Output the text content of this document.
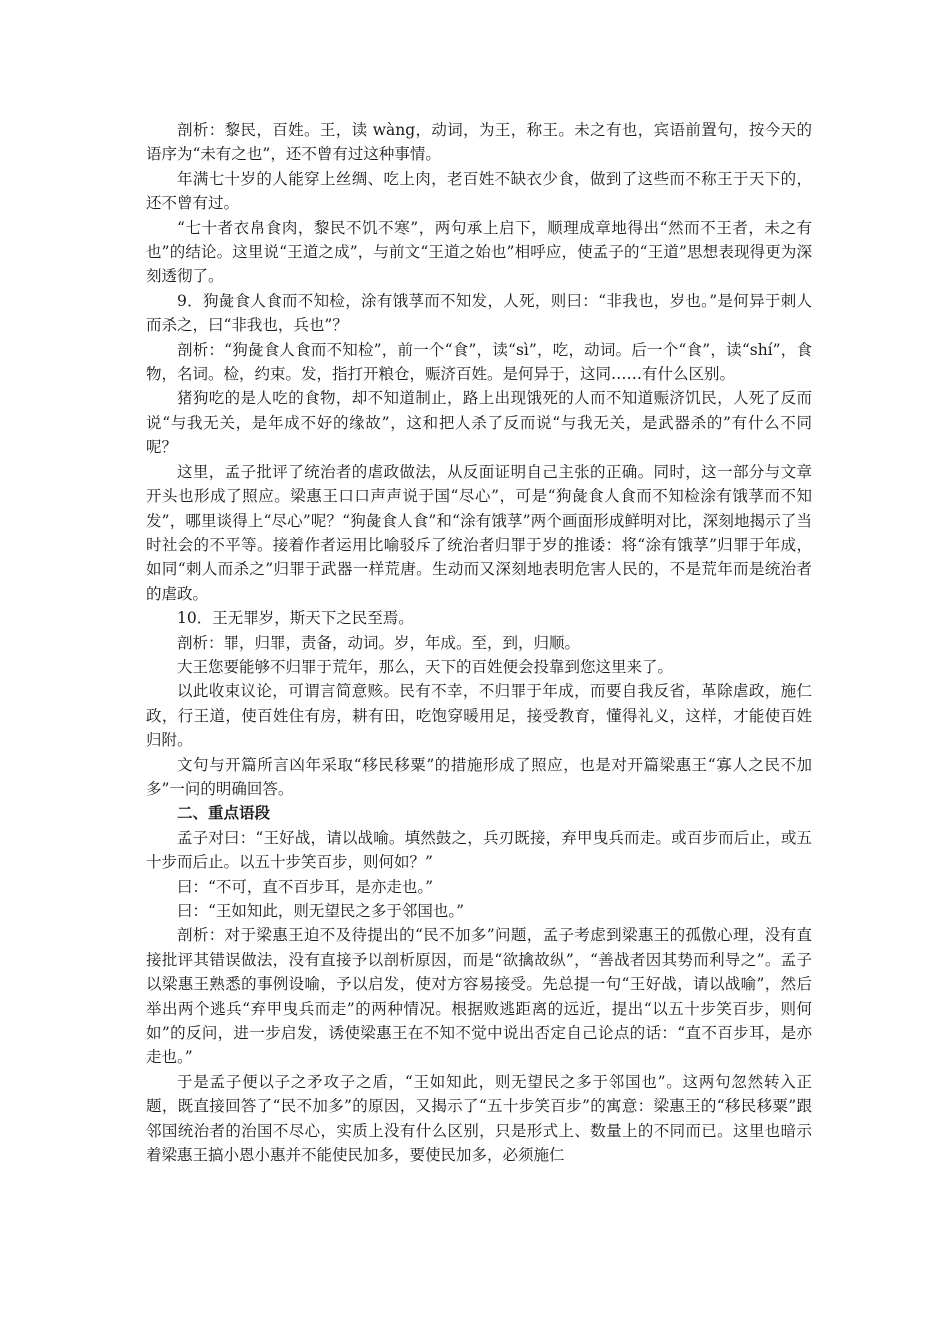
剖析：黎民，百姓。王，读 wàng，动词，为王，称王。未之有也，宾语前置句，按今天的语序为“未有之也”，还不曾有过这种事情。

年满七十岁的人能穿上丝绸、吃上肉，老百姓不缺衣少食，做到了这些而不称王于天下的，还不曾有过。

“七十者衣帛食肉，黎民不饥不寒”，两句承上启下，顺理成章地得出“然而不王者，未之有也”的结论。这里说“王道之成”，与前文“王道之始也”相呼应，使孟子的“王道”思想表现得更为深刻透彻了。

9．狗彘食人食而不知检，涂有饿莩而不知发，人死，则曰：“非我也，岁也。”是何异于刺人而杀之，曰“非我也，兵也”？

剖析：“狗彘食人食而不知检”，前一个“食”，读“sì”，吃，动词。后一个“食”，读“shí”，食物，名词。检，约束。发，指打开粮仓，赈济百姓。是何异于，这同……有什么区别。

猪狗吃的是人吃的食物，却不知道制止，路上出现饿死的人而不知道赈济饥民，人死了反而说“与我无关，是年成不好的缘故”，这和把人杀了反而说“与我无关，是武器杀的”有什么不同呢？

这里，孟子批评了统治者的虐政做法，从反面证明自己主张的正确。同时，这一部分与文章开头也形成了照应。梁惠王口口声声说于国“尽心”，可是“狗彘食人食而不知检涂有饿莩而不知发”，哪里谈得上“尽心”呢？“狗彘食人食”和“涂有饿莩”两个画面形成鲜明对比，深刻地揭示了当时社会的不平等。接着作者运用比喻驳斥了统治者归罪于岁的推诿：将“涂有饿莩”归罪于年成，如同“刺人而杀之”归罪于武器一样荒唐。生动而又深刻地表明危害人民的，不是荒年而是统治者的虐政。

10．王无罪岁，斯天下之民至焉。

剖析：罪，归罪，责备，动词。岁，年成。至，到，归顺。

大王您要能够不归罪于荒年，那么，天下的百姓便会投靠到您这里来了。

以此收束议论，可谓言简意赅。民有不幸，不归罪于年成，而要自我反省，革除虐政，施仁政，行王道，使百姓住有房，耕有田，吃饱穿暖用足，接受教育，懂得礼义，这样，才能使百姓归附。

文句与开篇所言凶年采取“移民移粟”的措施形成了照应，也是对开篇梁惠王“寡人之民不加多”一问的明确回答。

二、重点语段

孟子对曰：“王好战，请以战喻。填然鼓之，兵刃既接，弃甲曳兵而走。或百步而后止，或五十步而后止。以五十步笑百步，则何如？”

曰：“不可，直不百步耳，是亦走也。”

曰：“王如知此，则无望民之多于邻国也。”

剖析：对于梁惠王迫不及待提出的“民不加多”问题，孟子考虑到梁惠王的孤傲心理，没有直接批评其错误做法，没有直接予以剖析原因，而是“欲擒故纵”，“善战者因其势而利导之”。孟子以梁惠王熟悉的事例设喻，予以启发，使对方容易接受。先总提一句“王好战，请以战喻”，然后举出两个逃兵“弃甲曳兵而走”的两种情况。根据败逃距离的远近，提出“以五十步笑百步，则何如”的反问，进一步启发，诱使梁惠王在不知不觉中说出否定自己论点的话：“直不百步耳，是亦走也。”

于是孟子便以子之矛攻子之盾，“王如知此，则无望民之多于邻国也”。这两句忽然转入正题，既直接回答了“民不加多”的原因，又揭示了“五十步笑百步”的寓意：梁惠王的“移民移粟”跟邻国统治者的治国不尽心，实质上没有什么区别，只是形式上、数量上的不同而已。这里也暗示着梁惠王搞小恩小惠并不能使民加多，要使民加多，必须施仁
